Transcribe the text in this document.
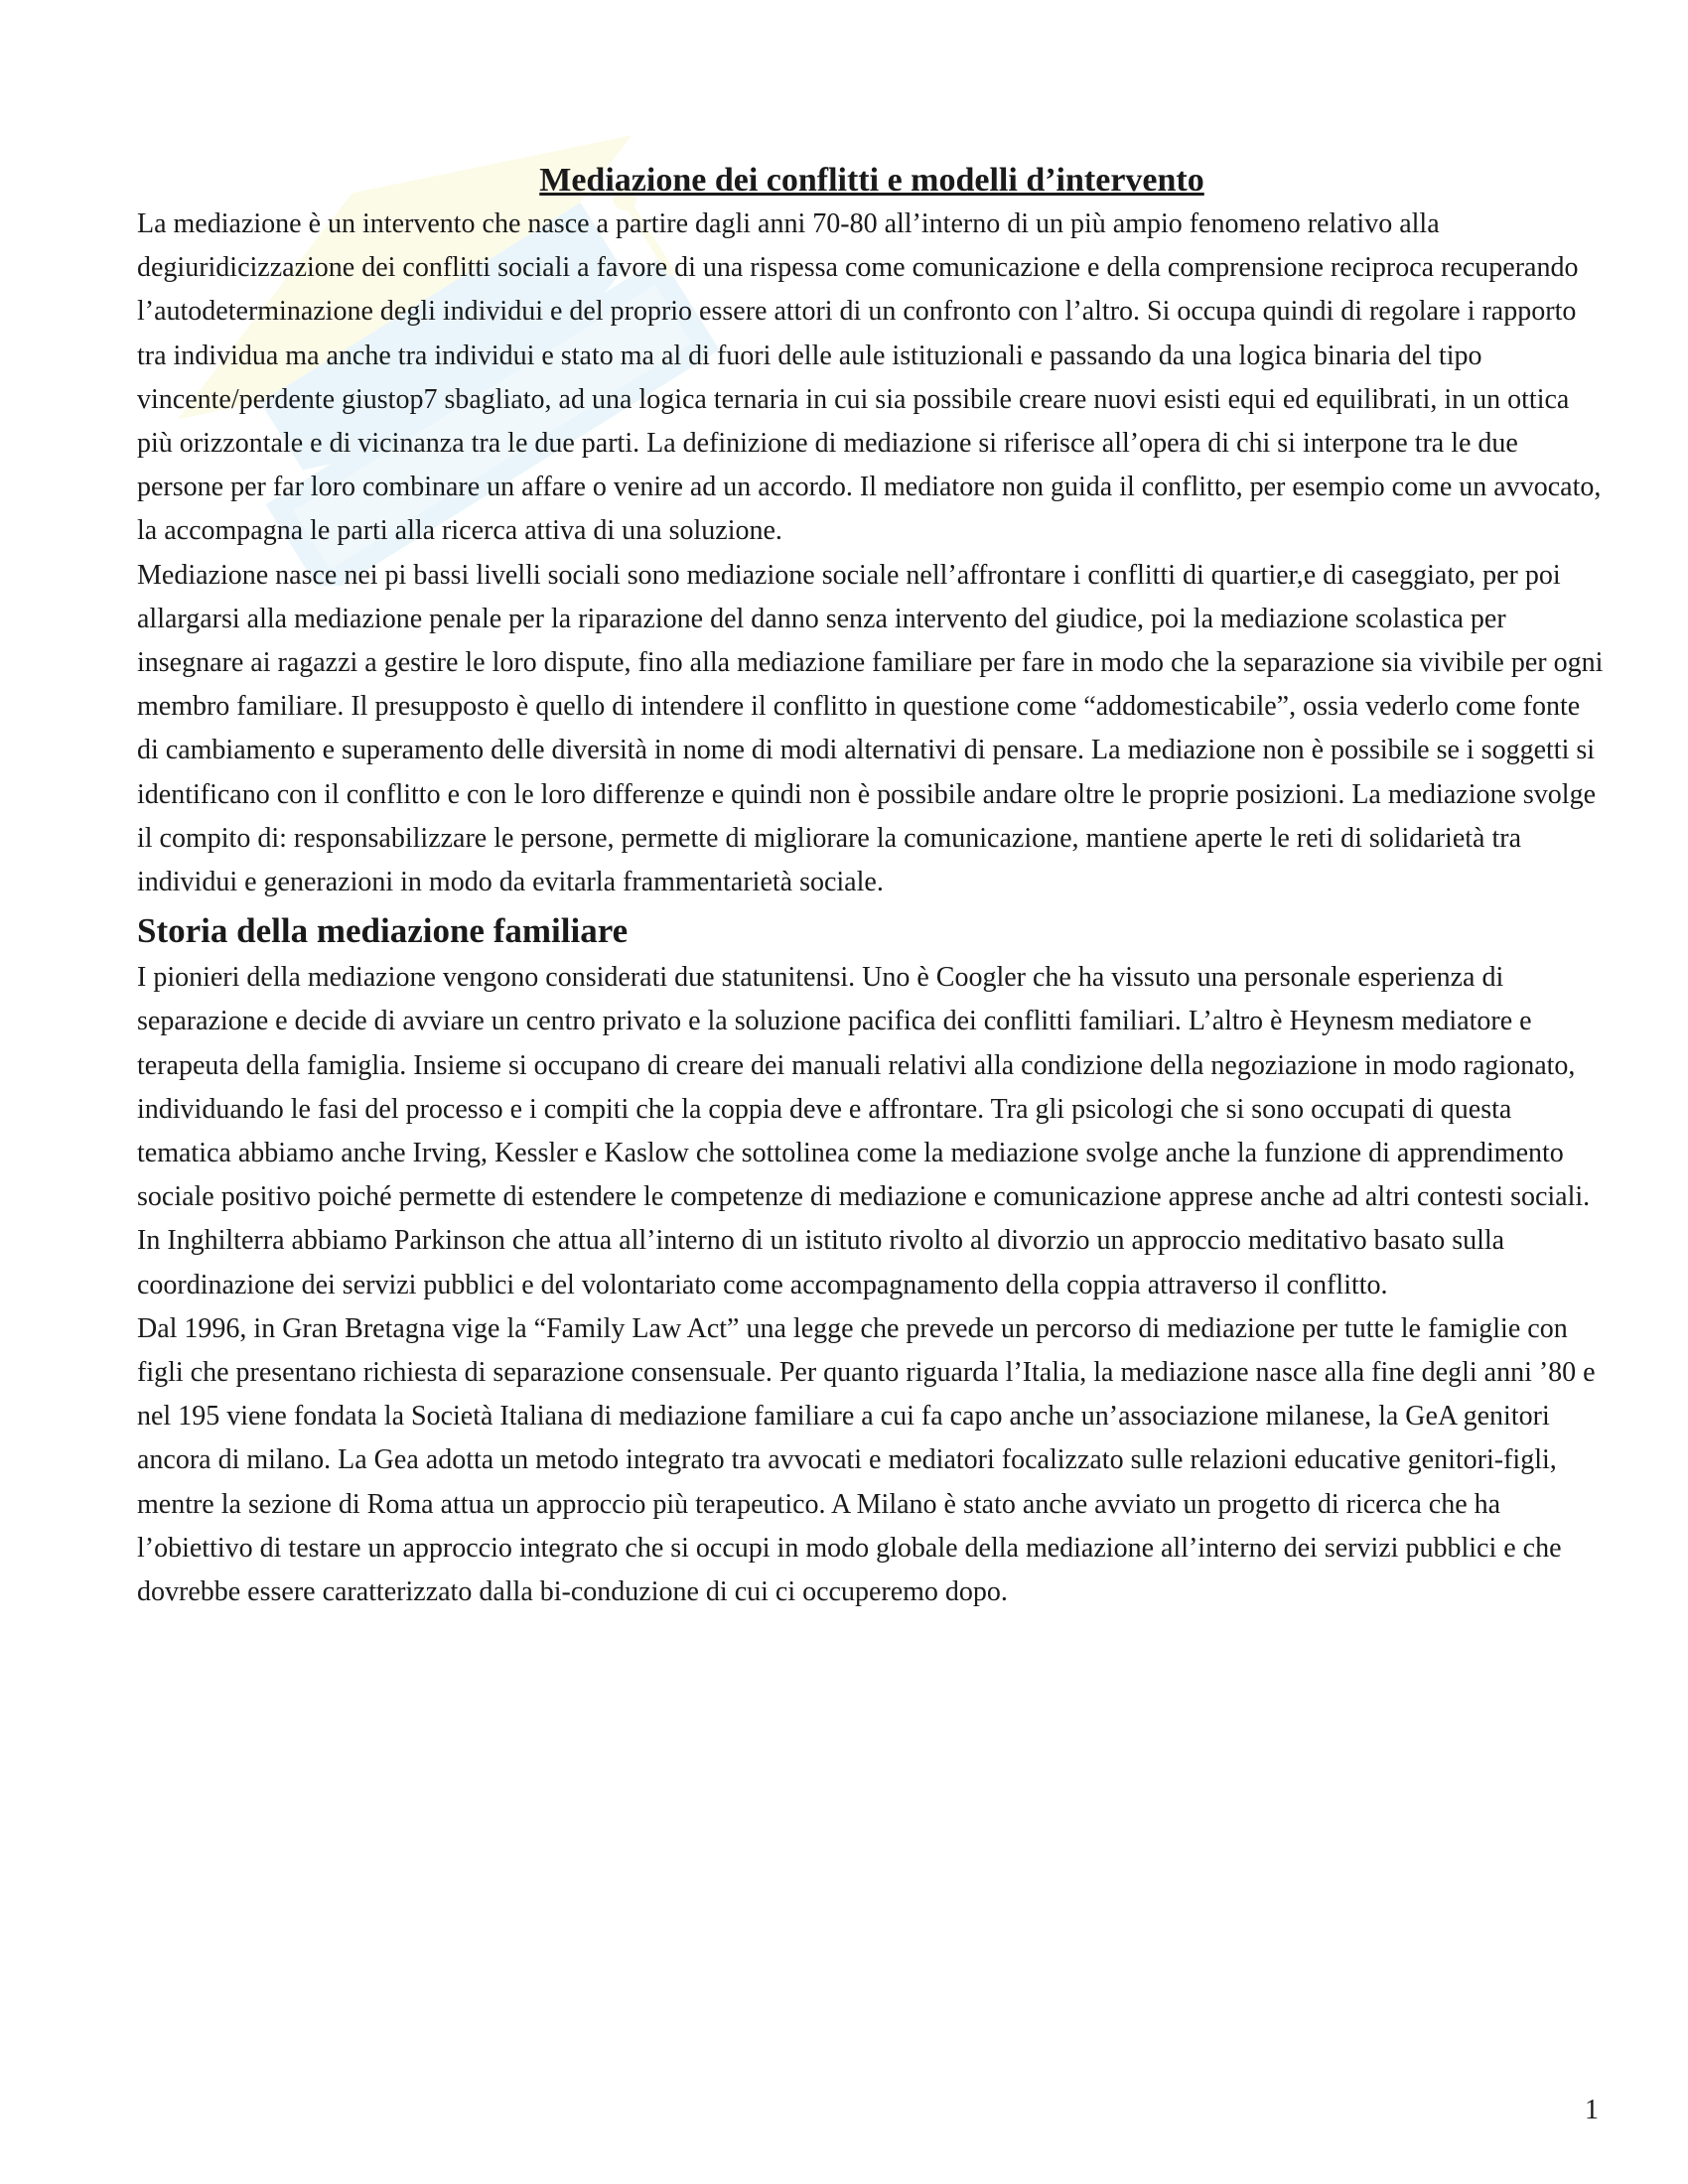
Mediazione dei conflitti e modelli d’intervento

La mediazione è un intervento che nasce a partire dagli anni 70-80 all’interno di un più ampio fenomeno relativo alla degiuridicizzazione dei conflitti sociali a favore di una rispessa come comunicazione e della comprensione reciproca recuperando l’autodeterminazione degli individui e del proprio essere attori di un confronto con l’altro. Si occupa quindi di regolare i rapporto tra individua ma anche tra individui e stato ma al di fuori delle aule istituzionali e passando da una logica binaria del tipo vincente/perdente giustop7 sbagliato, ad una logica ternaria in cui sia possibile creare nuovi esisti equi ed equilibrati, in un ottica più orizzontale e di vicinanza tra le due parti. La definizione di mediazione si riferisce all’opera di chi si interpone tra le due persone per far loro combinare un affare o venire ad un accordo. Il mediatore non guida il conflitto, per esempio come un avvocato, la accompagna le parti alla ricerca attiva di una soluzione.

Mediazione nasce nei pi bassi livelli sociali sono mediazione sociale nell’affrontare i conflitti di quartier,e di caseggiato, per poi allargarsi alla mediazione penale per la riparazione del danno senza intervento del giudice, poi la mediazione scolastica per insegnare ai ragazzi a gestire le loro dispute, fino alla mediazione familiare per fare in modo che la separazione sia vivibile per ogni membro familiare. Il presupposto è quello di intendere il conflitto in questione come “addomesticabile”, ossia vederlo come fonte di cambiamento e superamento delle diversità in nome di modi alternativi di pensare. La mediazione non è possibile se i soggetti si identificano con il conflitto e con le loro differenze e quindi non è possibile andare oltre le proprie posizioni. La mediazione svolge il compito di: responsabilizzare le persone, permette di migliorare la comunicazione, mantiene aperte le reti di solidarietà tra individui e generazioni in modo da evitarla frammentarietà sociale.

Storia della mediazione familiare

I pionieri della mediazione vengono considerati due statunitensi. Uno è Coogler che ha vissuto una personale esperienza di separazione e decide di avviare un centro privato e la soluzione pacifica dei conflitti familiari. L’altro è Heynesm mediatore e terapeuta della famiglia. Insieme si occupano di creare dei manuali relativi alla condizione della negoziazione in modo ragionato, individuando le fasi del processo e i compiti che la coppia deve e affrontare. Tra gli psicologi che si sono occupati di questa tematica abbiamo anche Irving, Kessler e Kaslow che sottolinea come la mediazione svolge anche la funzione di apprendimento sociale positivo poiché permette di estendere le competenze di mediazione e comunicazione apprese anche ad altri contesti sociali. In Inghilterra abbiamo Parkinson che attua all’interno di un istituto rivolto al divorzio un approccio meditativo basato sulla coordinazione dei servizi pubblici e del volontariato come accompagnamento della coppia attraverso il conflitto.

Dal 1996, in Gran Bretagna vige la “Family Law Act” una legge che prevede un percorso di mediazione per tutte le famiglie con figli che presentano richiesta di separazione consensuale. Per quanto riguarda l’Italia, la mediazione nasce alla fine degli anni ’80 e nel 195 viene fondata la Società Italiana di mediazione familiare a cui fa capo anche un’associazione milanese, la GeA genitori ancora di milano. La Gea adotta un metodo integrato tra avvocati e mediatori focalizzato sulle relazioni educative genitori-figli, mentre la sezione di Roma attua un approccio più terapeutico. A Milano è stato anche avviato un progetto di ricerca che ha l’obiettivo di testare un approccio integrato che si occupi in modo globale della mediazione all’interno dei servizi pubblici e che dovrebbe essere caratterizzato dalla bi-conduzione di cui ci occuperemo dopo.

1
